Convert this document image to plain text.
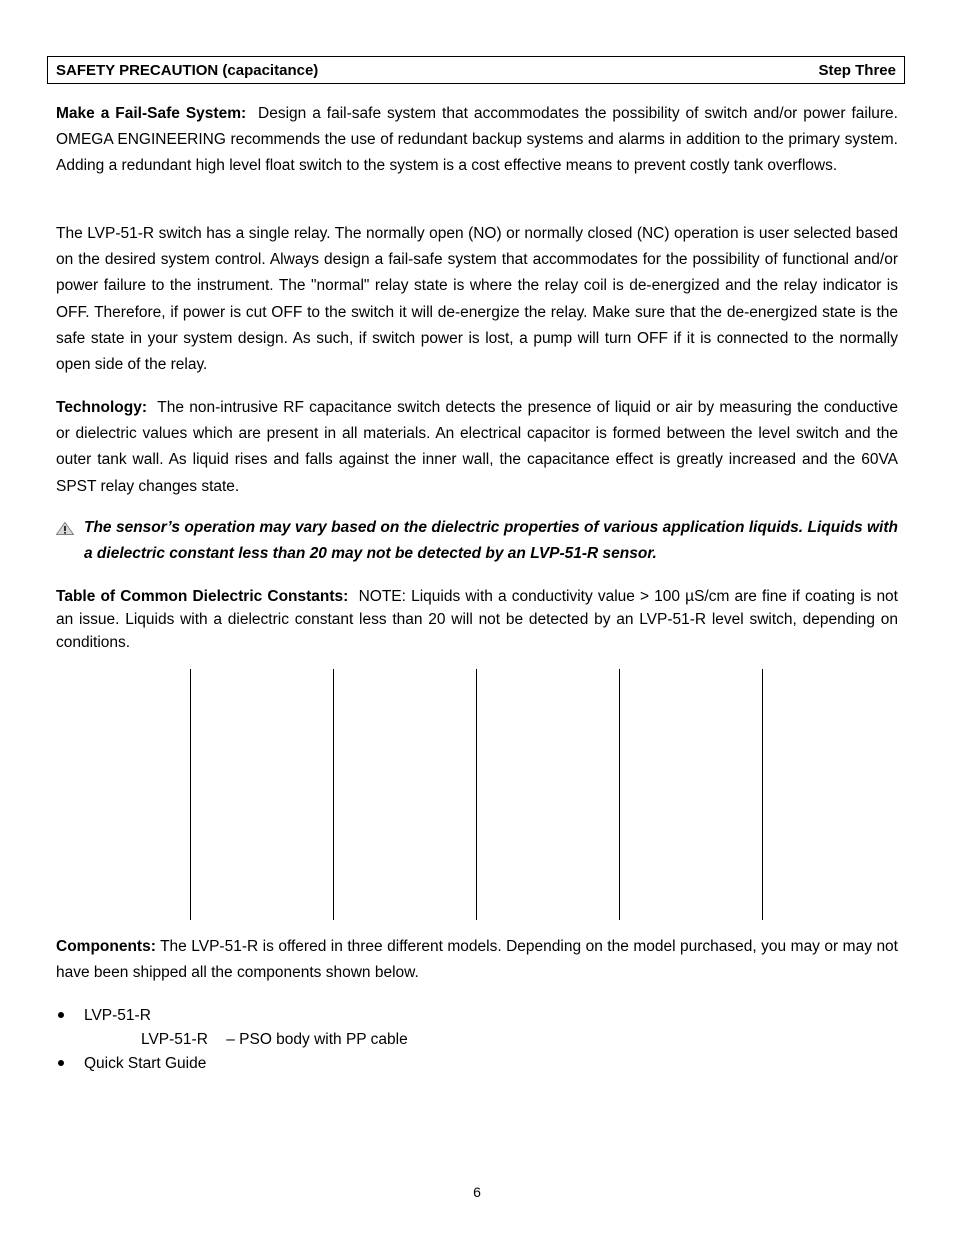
SAFETY PRECAUTION (capacitance)	Step Three

Make a Fail-Safe System: Design a fail-safe system that accommodates the possibility of switch and/or power failure. OMEGA ENGINEERING recommends the use of redundant backup systems and alarms in addition to the primary system. Adding a redundant high level float switch to the system is a cost effective means to prevent costly tank overflows.

The LVP-51-R switch has a single relay. The normally open (NO) or normally closed (NC) operation is user selected based on the desired system control. Always design a fail-safe system that accommodates for the possibility of functional and/or power failure to the instrument. The "normal" relay state is where the relay coil is de-energized and the relay indicator is OFF. Therefore, if power is cut OFF to the switch it will de-energize the relay. Make sure that the de-energized state is the safe state in your system design. As such, if switch power is lost, a pump will turn OFF if it is connected to the normally open side of the relay.

Technology: The non-intrusive RF capacitance switch detects the presence of liquid or air by measuring the conductive or dielectric values which are present in all materials. An electrical capacitor is formed between the level switch and the outer tank wall. As liquid rises and falls against the inner wall, the capacitance effect is greatly increased and the 60VA SPST relay changes state.

The sensor’s operation may vary based on the dielectric properties of various application liquids. Liquids with a dielectric constant less than 20 may not be detected by an LVP-51-R sensor.
Table of Common Dielectric Constants: NOTE: Liquids with a conductivity value > 100 µS/cm are fine if coating is not an issue. Liquids with a dielectric constant less than 20 will not be detected by an LVP-51-R level switch, depending on conditions.

Components: The LVP-51-R is offered in three different models. Depending on the model purchased, you may or may not have been shipped all the components shown below.

LVP-51-R
LVP-51-R – PSO body with PP cable
Quick Start Guide
6
